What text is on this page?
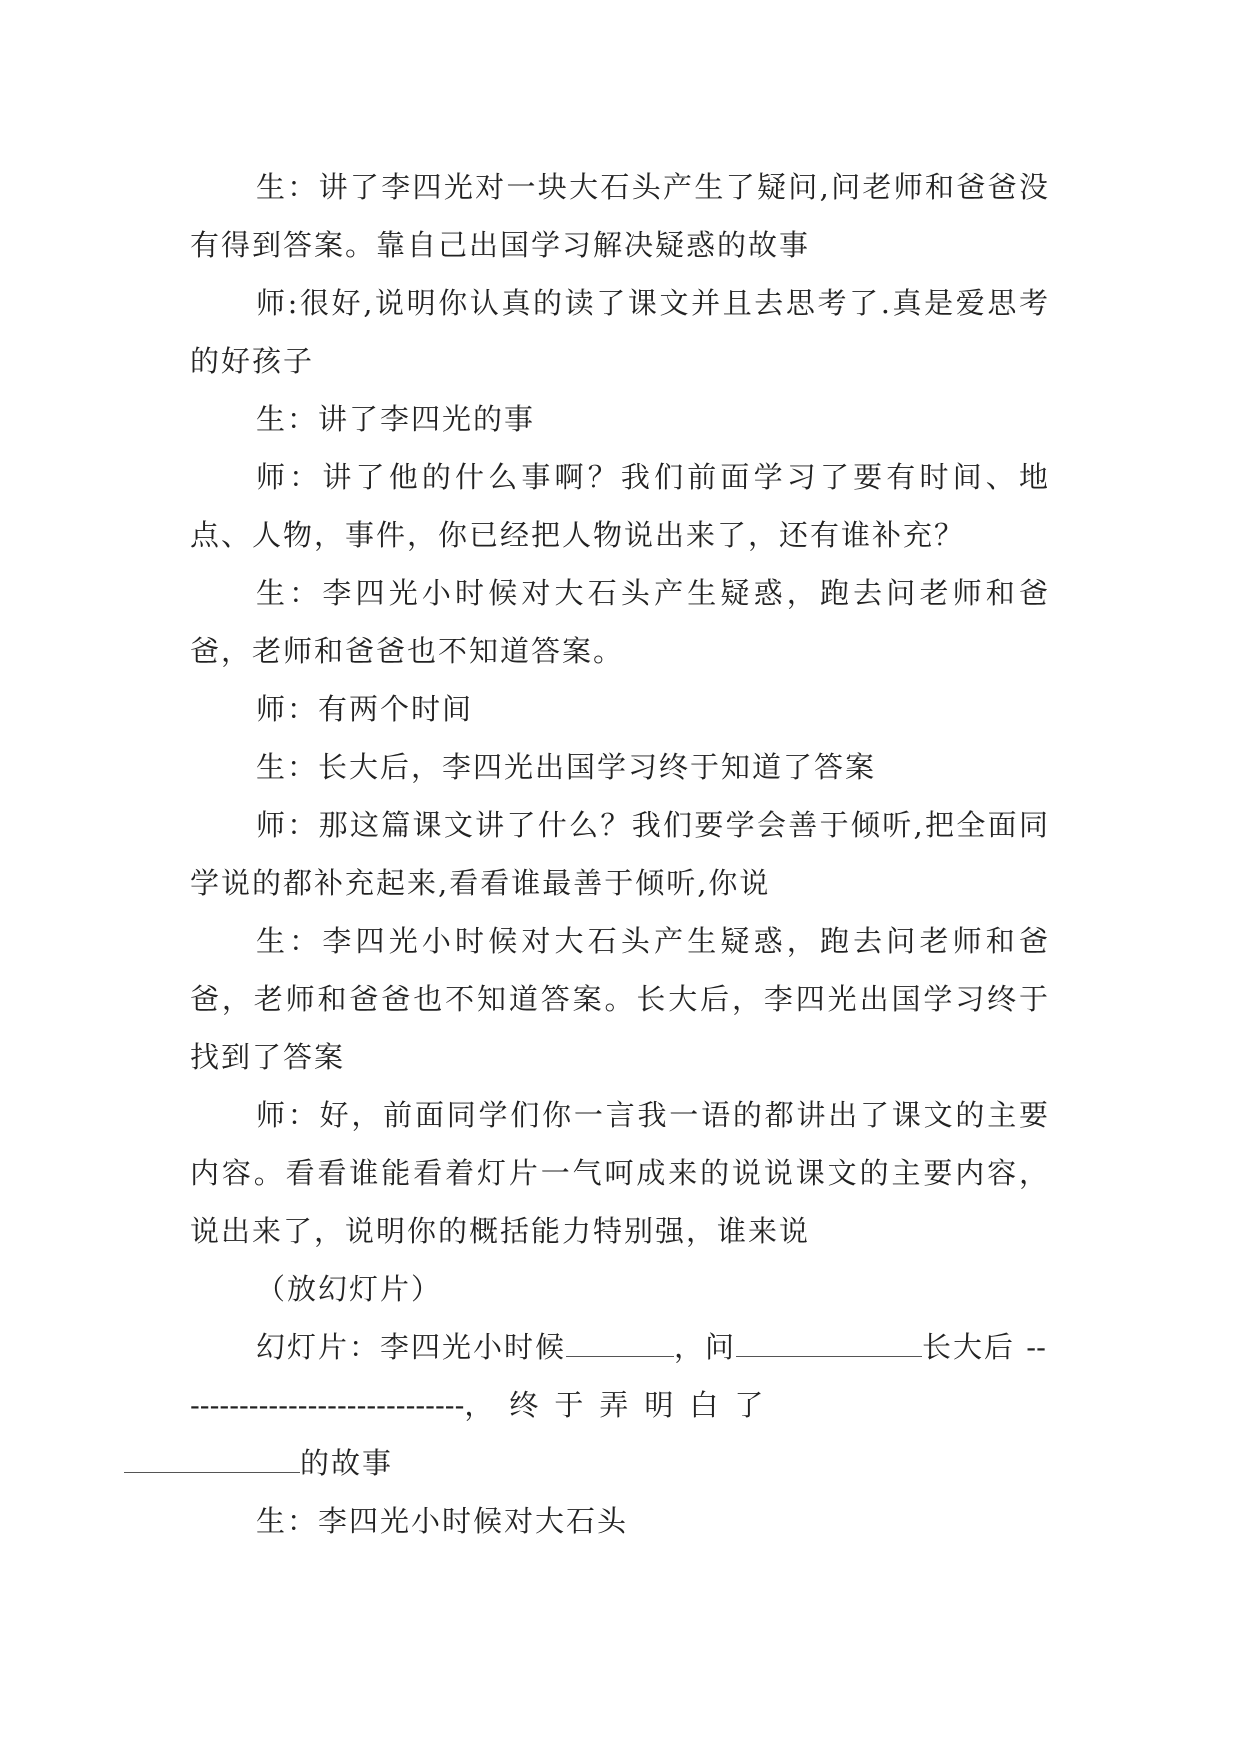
生：讲了李四光对一块大石头产生了疑问,问老师和爸爸没有得到答案。靠自己出国学习解决疑惑的故事

师:很好,说明你认真的读了课文并且去思考了.真是爱思考的好孩子

生：讲了李四光的事

师：讲了他的什么事啊？我们前面学习了要有时间、地点、人物，事件，你已经把人物说出来了，还有谁补充？

生：李四光小时候对大石头产生疑惑，跑去问老师和爸爸，老师和爸爸也不知道答案。

师：有两个时间

生：长大后，李四光出国学习终于知道了答案

师：那这篇课文讲了什么？我们要学会善于倾听,把全面同学说的都补充起来,看看谁最善于倾听,你说

生：李四光小时候对大石头产生疑惑，跑去问老师和爸爸，老师和爸爸也不知道答案。长大后，李四光出国学习终于找到了答案

师：好，前面同学们你一言我一语的都讲出了课文的主要内容。看看谁能看着灯片一气呵成来的说说课文的主要内容，说出来了，说明你的概括能力特别强，谁来说

（放幻灯片）

幻灯片：李四光小时候	，问	长大后 ------------------------------，终于弄明白了
的故事

生：李四光小时候对大石头
